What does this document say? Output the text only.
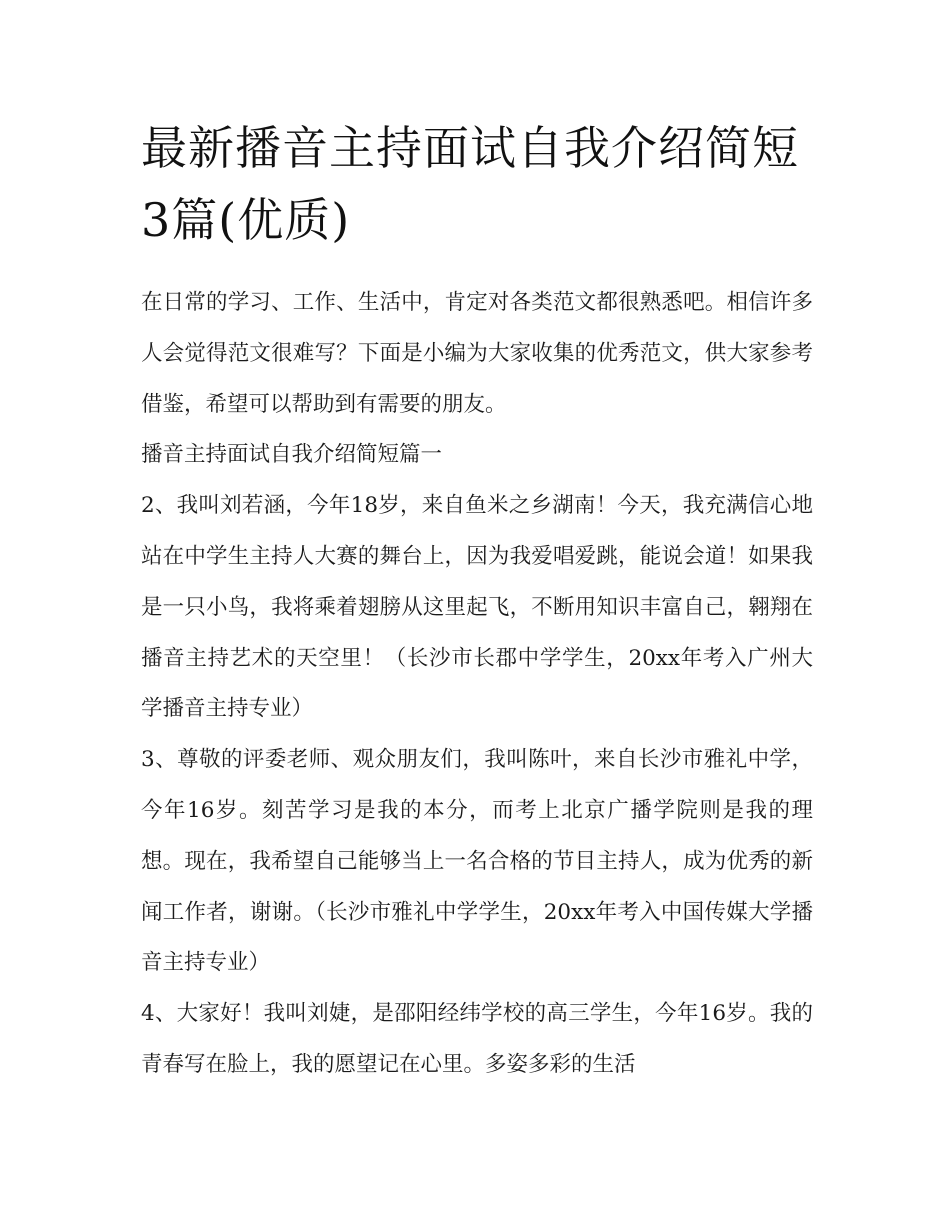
最新播音主持面试自我介绍简短3篇(优质)

在日常的学习、工作、生活中，肯定对各类范文都很熟悉吧。相信许多人会觉得范文很难写？下面是小编为大家收集的优秀范文，供大家参考借鉴，希望可以帮助到有需要的朋友。

播音主持面试自我介绍简短篇一

2、我叫刘若涵，今年18岁，来自鱼米之乡湖南！今天，我充满信心地站在中学生主持人大赛的舞台上，因为我爱唱爱跳，能说会道！如果我是一只小鸟，我将乘着翅膀从这里起飞，不断用知识丰富自己，翱翔在播音主持艺术的天空里！（长沙市长郡中学学生，20xx年考入广州大学播音主持专业）

3、尊敬的评委老师、观众朋友们，我叫陈叶，来自长沙市雅礼中学，今年16岁。刻苦学习是我的本分，而考上北京广播学院则是我的理想。现在，我希望自己能够当上一名合格的节目主持人，成为优秀的新闻工作者，谢谢。（长沙市雅礼中学学生，20xx年考入中国传媒大学播音主持专业）

4、大家好！我叫刘婕，是邵阳经纬学校的高三学生，今年16岁。我的青春写在脸上，我的愿望记在心里。多姿多彩的生活
